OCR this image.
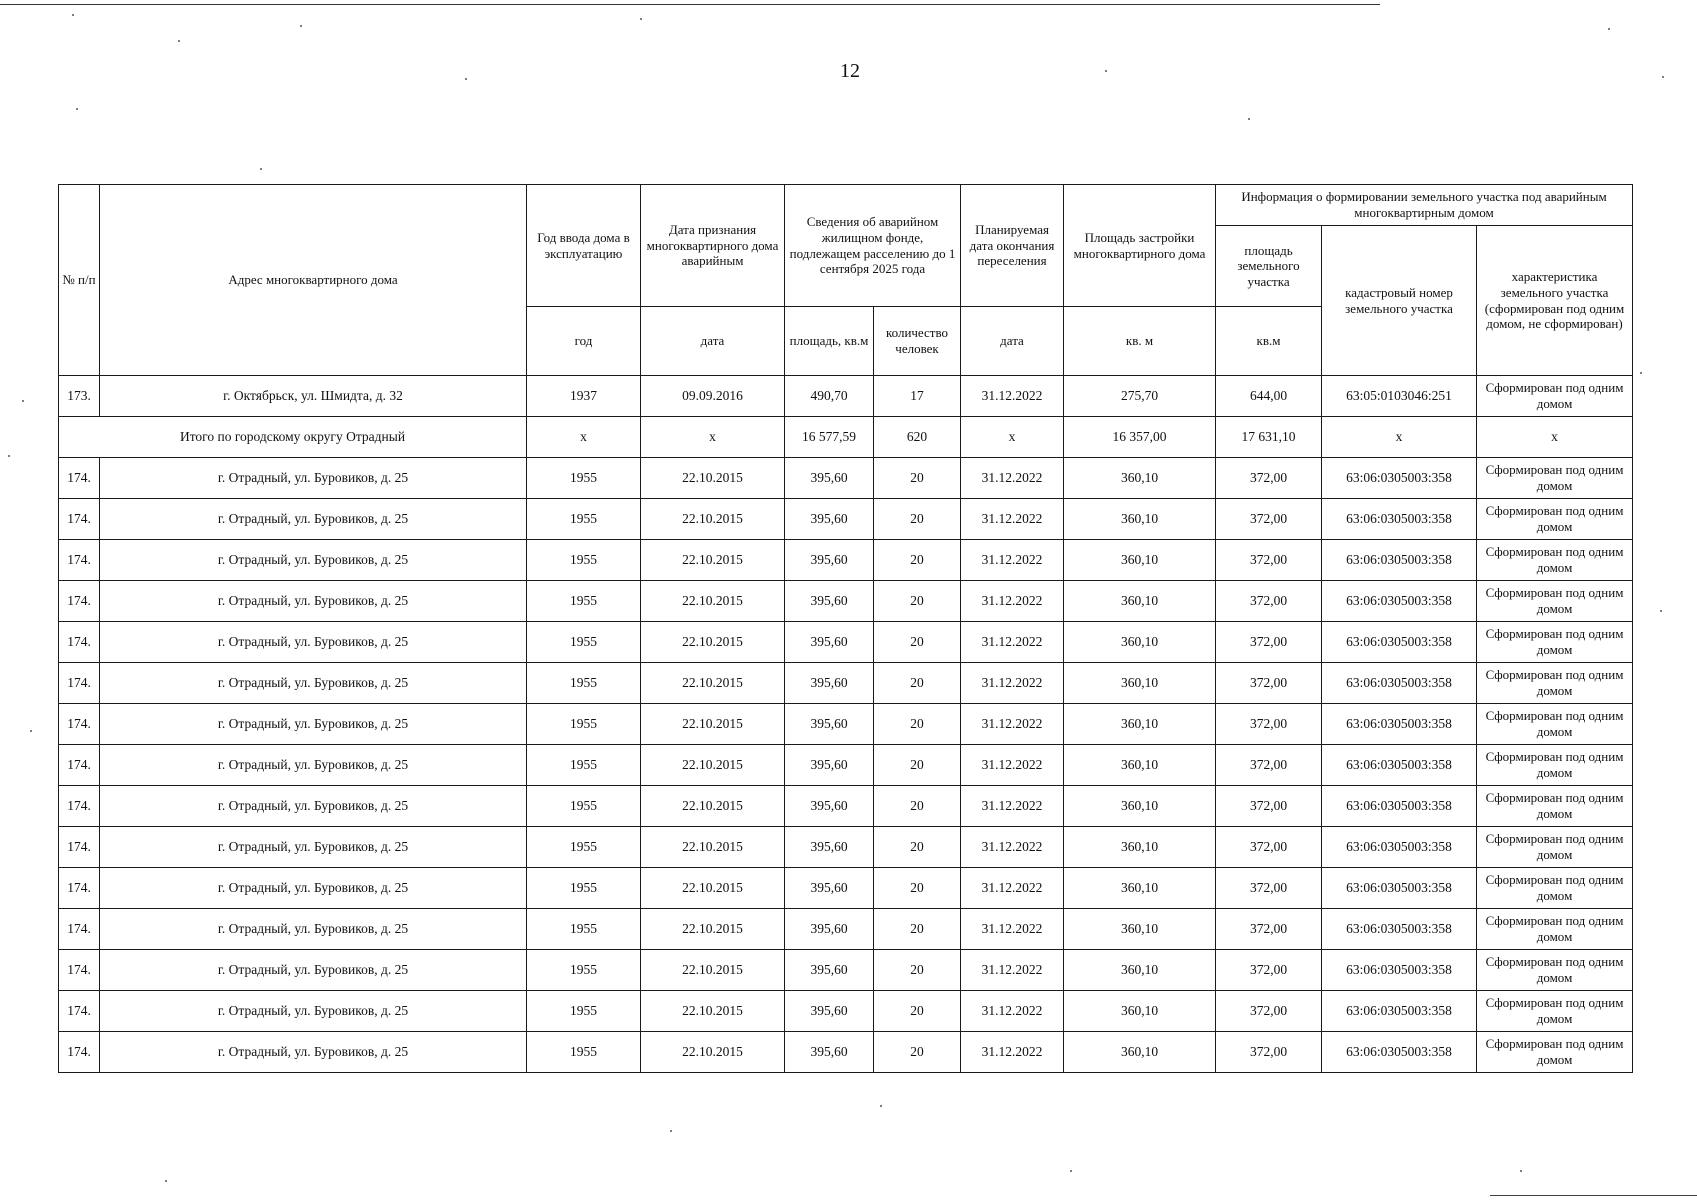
12
№ п/п	Адрес многоквартирного дома	Год ввода дома в эксплуатацию	Дата признания многоквартирного дома аварийным	Сведения об аварийном жилищном фонде, подлежащем расселению до 1 сентября 2025 года		Планируемая дата окончания переселения	Площадь застройки многоквартирного дома	Информация о формировании земельного участка под аварийным многоквартирным домом		
								площадь земельного участка	кадастровый номер земельного участка	характеристика земельного участка (сформирован под одним домом, не сформирован)
		год	дата	площадь, кв.м	количество человек	дата	кв. м	кв.м		
173.	г. Октябрьск, ул. Шмидта, д. 32	1937	09.09.2016	490,70	17	31.12.2022	275,70	644,00	63:05:0103046:251	Сформирован под одним домом
Итого по городскому округу Отрадный		x	x	16 577,59	620	x	16 357,00	17 631,10	x	x
174.	г. Отрадный, ул. Буровиков, д. 25	1955	22.10.2015	395,60	20	31.12.2022	360,10	372,00	63:06:0305003:358	Сформирован под одним домом
174.	г. Отрадный, ул. Буровиков, д. 25	1955	22.10.2015	395,60	20	31.12.2022	360,10	372,00	63:06:0305003:358	Сформирован под одним домом
174.	г. Отрадный, ул. Буровиков, д. 25	1955	22.10.2015	395,60	20	31.12.2022	360,10	372,00	63:06:0305003:358	Сформирован под одним домом
174.	г. Отрадный, ул. Буровиков, д. 25	1955	22.10.2015	395,60	20	31.12.2022	360,10	372,00	63:06:0305003:358	Сформирован под одним домом
174.	г. Отрадный, ул. Буровиков, д. 25	1955	22.10.2015	395,60	20	31.12.2022	360,10	372,00	63:06:0305003:358	Сформирован под одним домом
174.	г. Отрадный, ул. Буровиков, д. 25	1955	22.10.2015	395,60	20	31.12.2022	360,10	372,00	63:06:0305003:358	Сформирован под одним домом
174.	г. Отрадный, ул. Буровиков, д. 25	1955	22.10.2015	395,60	20	31.12.2022	360,10	372,00	63:06:0305003:358	Сформирован под одним домом
174.	г. Отрадный, ул. Буровиков, д. 25	1955	22.10.2015	395,60	20	31.12.2022	360,10	372,00	63:06:0305003:358	Сформирован под одним домом
174.	г. Отрадный, ул. Буровиков, д. 25	1955	22.10.2015	395,60	20	31.12.2022	360,10	372,00	63:06:0305003:358	Сформирован под одним домом
174.	г. Отрадный, ул. Буровиков, д. 25	1955	22.10.2015	395,60	20	31.12.2022	360,10	372,00	63:06:0305003:358	Сформирован под одним домом
174.	г. Отрадный, ул. Буровиков, д. 25	1955	22.10.2015	395,60	20	31.12.2022	360,10	372,00	63:06:0305003:358	Сформирован под одним домом
174.	г. Отрадный, ул. Буровиков, д. 25	1955	22.10.2015	395,60	20	31.12.2022	360,10	372,00	63:06:0305003:358	Сформирован под одним домом
174.	г. Отрадный, ул. Буровиков, д. 25	1955	22.10.2015	395,60	20	31.12.2022	360,10	372,00	63:06:0305003:358	Сформирован под одним домом
174.	г. Отрадный, ул. Буровиков, д. 25	1955	22.10.2015	395,60	20	31.12.2022	360,10	372,00	63:06:0305003:358	Сформирован под одним домом
174.	г. Отрадный, ул. Буровиков, д. 25	1955	22.10.2015	395,60	20	31.12.2022	360,10	372,00	63:06:0305003:358	Сформирован под одним домом
